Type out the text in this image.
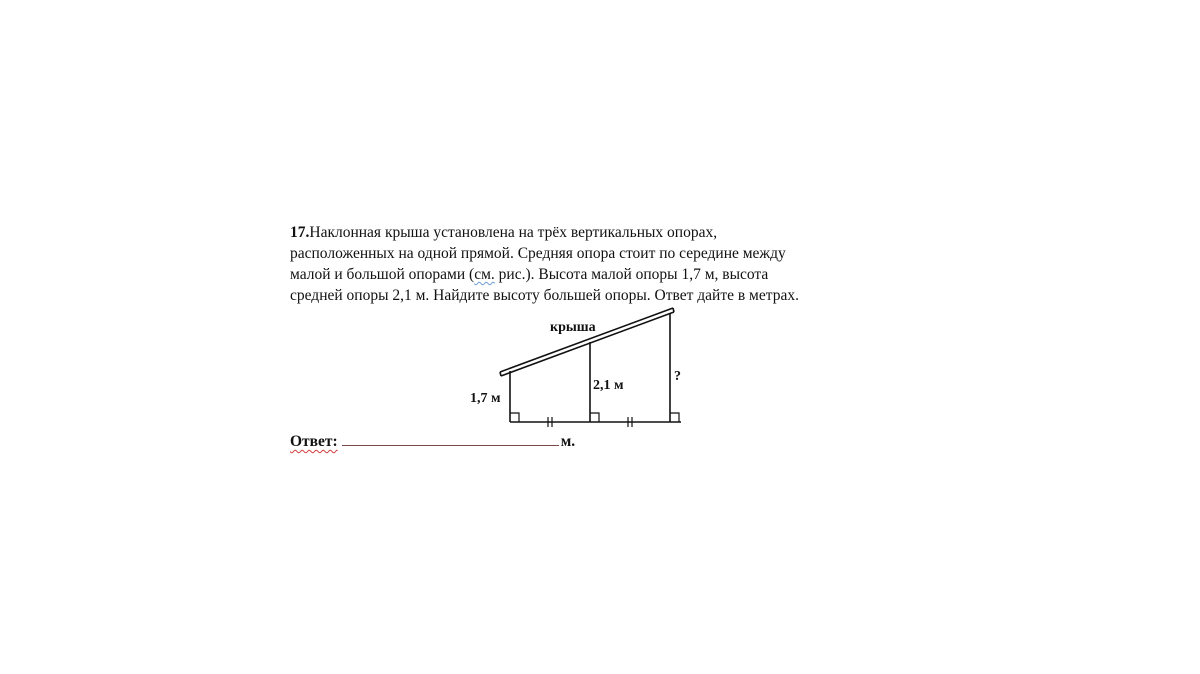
17.Наклонная крыша установлена на трёх вертикальных опорах,
расположенных на одной прямой. Средняя опора стоит по середине между
малой и большой опорами (см. рис.). Высота малой опоры 1,7 м, высота
средней опоры 2,1 м. Найдите высоту большей опоры. Ответ дайте в метрах.
крыша
1,7 м
2,1 м
?
Ответ:	м.
